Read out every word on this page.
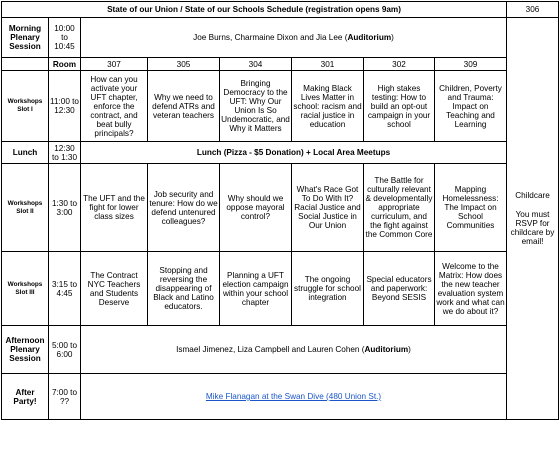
State of our Union / State of our Schools Schedule (registration opens 9am)								306
Morning Plenary Session	10:00 to 10:45	Joe Burns, Charmaine Dixon and Jia Lee (Auditorium)						Childcare
You must RSVP for childcare by email!

	Room	307	305	304	301	302	309	
Workshops Slot I	11:00 to 12:30	How can you activate your UFT chapter, enforce the contract, and beat bully principals?	Why we need to defend ATRs and veteran teachers	Bringing Democracy to the UFT: Why Our Union Is So Undemocratic, and Why it Matters	Making Black Lives Matter in school: racism and racial justice in education	High stakes testing: How to build an opt-out campaign in your school	Children, Poverty and Trauma: Impact on Teaching and Learning	
Lunch	12:30 to 1:30	Lunch (Pizza - $5 Donation) + Local Area Meetups						
Workshops Slot II	1:30 to 3:00	The UFT and the fight for lower class sizes	Job security and tenure: How do we defend untenured colleagues?	Why should we oppose mayoral control?	What's Race Got To Do With It? Racial Justice and Social Justice in Our Union	The Battle for culturally relevant & developmentally appropriate curriculum, and the fight against the Common Core	Mapping Homelessness: The Impact on School Communities	
Workshops Slot III	3:15 to 4:45	The Contract NYC Teachers and Students Deserve	Stopping and reversing the disappearing of Black and Latino educators.	Planning a UFT election campaign within your school chapter	The ongoing struggle for school integration	Special educators and paperwork: Beyond SESIS	Welcome to the Matrix: How does the new teacher evaluation system work and what can we do about it?	
Afternoon Plenary Session	5:00 to 6:00	Ismael Jimenez, Liza Campbell and Lauren Cohen (Auditorium)						
After Party!	7:00 to ??	Mike Flanagan at the Swan Dive (480 Union St.)						
